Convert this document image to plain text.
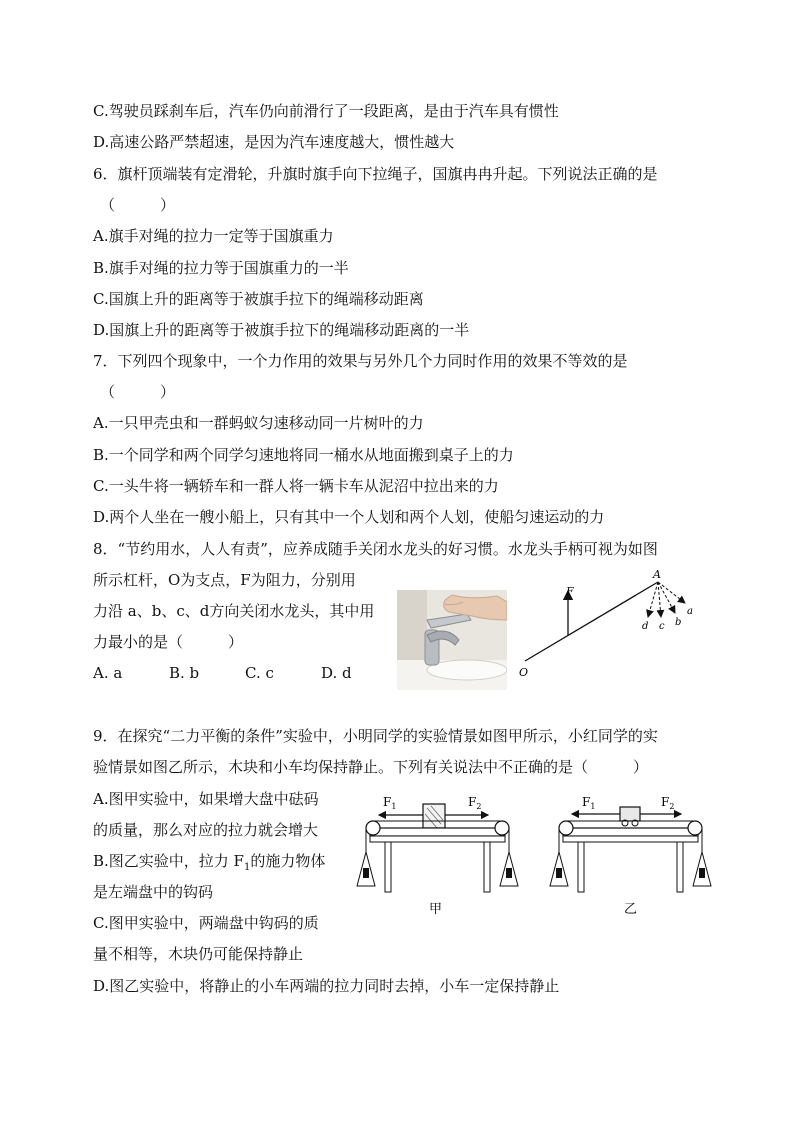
C.驾驶员踩刹车后，汽车仍向前滑行了一段距离，是由于汽车具有惯性
D.高速公路严禁超速，是因为汽车速度越大，惯性越大
6．旗杆顶端装有定滑轮，升旗时旗手向下拉绳子，国旗冉冉升起。下列说法正确的是
（　　　）
A.旗手对绳的拉力一定等于国旗重力
B.旗手对绳的拉力等于国旗重力的一半
C.国旗上升的距离等于被旗手拉下的绳端移动距离
D.国旗上升的距离等于被旗手拉下的绳端移动距离的一半
7．下列四个现象中，一个力作用的效果与另外几个力同时作用的效果不等效的是
（　　　）
A.一只甲壳虫和一群蚂蚁匀速移动同一片树叶的力
B.一个同学和两个同学匀速地将同一桶水从地面搬到桌子上的力
C.一头牛将一辆轿车和一群人将一辆卡车从泥沼中拉出来的力
D.两个人坐在一艘小船上，只有其中一个人划和两个人划，使船匀速运动的力
8．“节约用水，人人有责”，应养成随手关闭水龙头的好习惯。水龙头手柄可视为如图
所示杠杆，O为支点，F为阻力，分别用
力沿 a、b、c、d方向关闭水龙头，其中用
力最小的是（　　　）
A. a	B. b	C. c	D. d
A
F
O
a
b
c
d
9．在探究“二力平衡的条件”实验中，小明同学的实验情景如图甲所示，小红同学的实
验情景如图乙所示，木块和小车均保持静止。下列有关说法中不正确的是（　　　）
A.图甲实验中，如果增大盘中砝码
的质量，那么对应的拉力就会增大
B.图乙实验中，拉力 $F_1$的施力物体
是左端盘中的钩码
C.图甲实验中，两端盘中钩码的质
量不相等，木块仍可能保持静止
D.图乙实验中，将静止的小车两端的拉力同时去掉，小车一定保持静止
$F_1$	$F_2$
甲
$F_1$	$F_2$
乙
